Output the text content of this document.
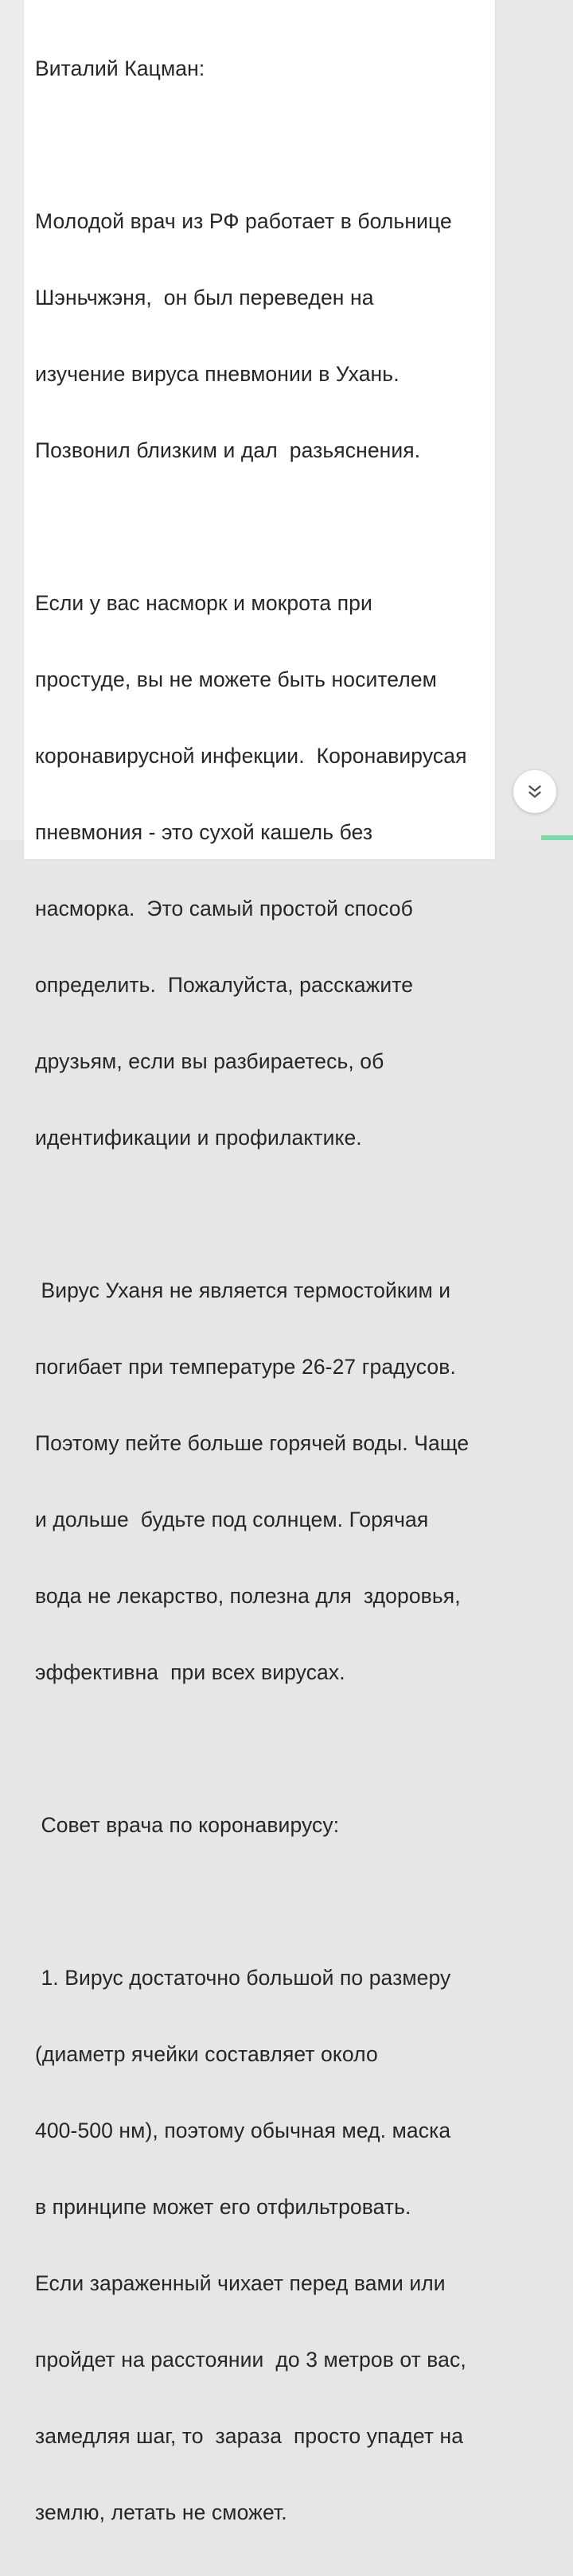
Виталий Кацман:

Молодой врач из РФ работает в больнице

Шэньчжэня,  он был переведен на

изучение вируса пневмонии в Ухань.

Позвонил близким и дал  разьяснения.

Если у вас насморк и мокрота при

простуде, вы не можете быть носителем

коронавирусной инфекции.  Коронавирусая

пневмония - это сухой кашель без

насморка.  Это самый простой способ

определить.  Пожалуйста, расскажите

друзьям, если вы разбираетесь, об

идентификации и профилактике.

Вирус Уханя не является термостойким и

погибает при температуре 26-27 градусов.

Поэтому пейте больше горячей воды. Чаще

и дольше  будьте под солнцем. Горячая

вода не лекарство, полезна для  здоровья,

эффективна  при всех вирусах.

Совет врача по коронавирусу:

1. Вирус достаточно большой по размеру

(диаметр ячейки составляет около

400-500 нм), поэтому обычная мед. маска

в принципе может его отфильтровать.

Если зараженный чихает перед вами или

пройдет на расстоянии  до 3 метров от вас,

замедляя шаг, то  зараза  просто упадет на

землю, летать не сможет.
